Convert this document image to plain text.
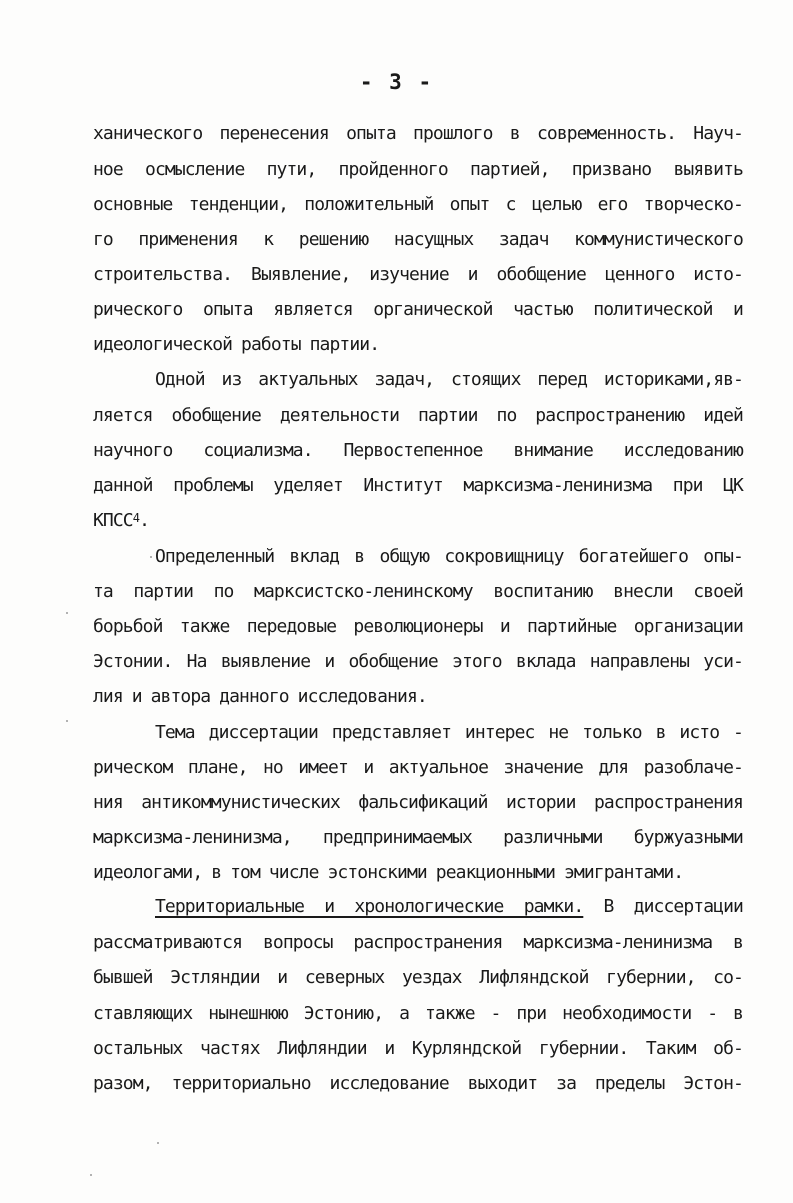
- 3 -
ханического перенесения опыта прошлого в современность. Науч-
ное осмысление пути, пройденного партией, призвано выявить
основные тенденции, положительный опыт с целью его творческо-
го применения к решению насущных задач коммунистического
строительства. Выявление, изучение и обобщение ценного исто-
рического опыта является органической частью политической и
идеологической работы партии.
Одной из актуальных задач, стоящих перед историками,яв-
ляется обобщение деятельности партии по распространению идей
научного социализма. Первостепенное внимание исследованию
данной проблемы уделяет Институт марксизма-ленинизма при ЦК
КПСС$^4$.
Определенный вклад в общую сокровищницу богатейшего опы-
та партии по марксистско-ленинскому воспитанию внесли своей
борьбой также передовые революционеры и партийные организации
Эстонии. На выявление и обобщение этого вклада направлены уси-
лия и автора данного исследования.
Тема диссертации представляет интерес не только в исто -
рическом плане, но имеет и актуальное значение для разоблаче-
ния антикоммунистических фальсификаций истории распространения
марксизма-ленинизма, предпринимаемых различными буржуазными
идеологами, в том числе эстонскими реакционными эмигрантами.
Территориальные и хронологические рамки. В диссертации
рассматриваются вопросы распространения марксизма-ленинизма в
бывшей Эстляндии и северных уездах Лифляндской губернии, со-
ставляющих нынешнюю Эстонию, а также - при необходимости - в
остальных частях Лифляндии и Курляндской губернии. Таким об-
разом, территориально исследование выходит за пределы Эстон-
